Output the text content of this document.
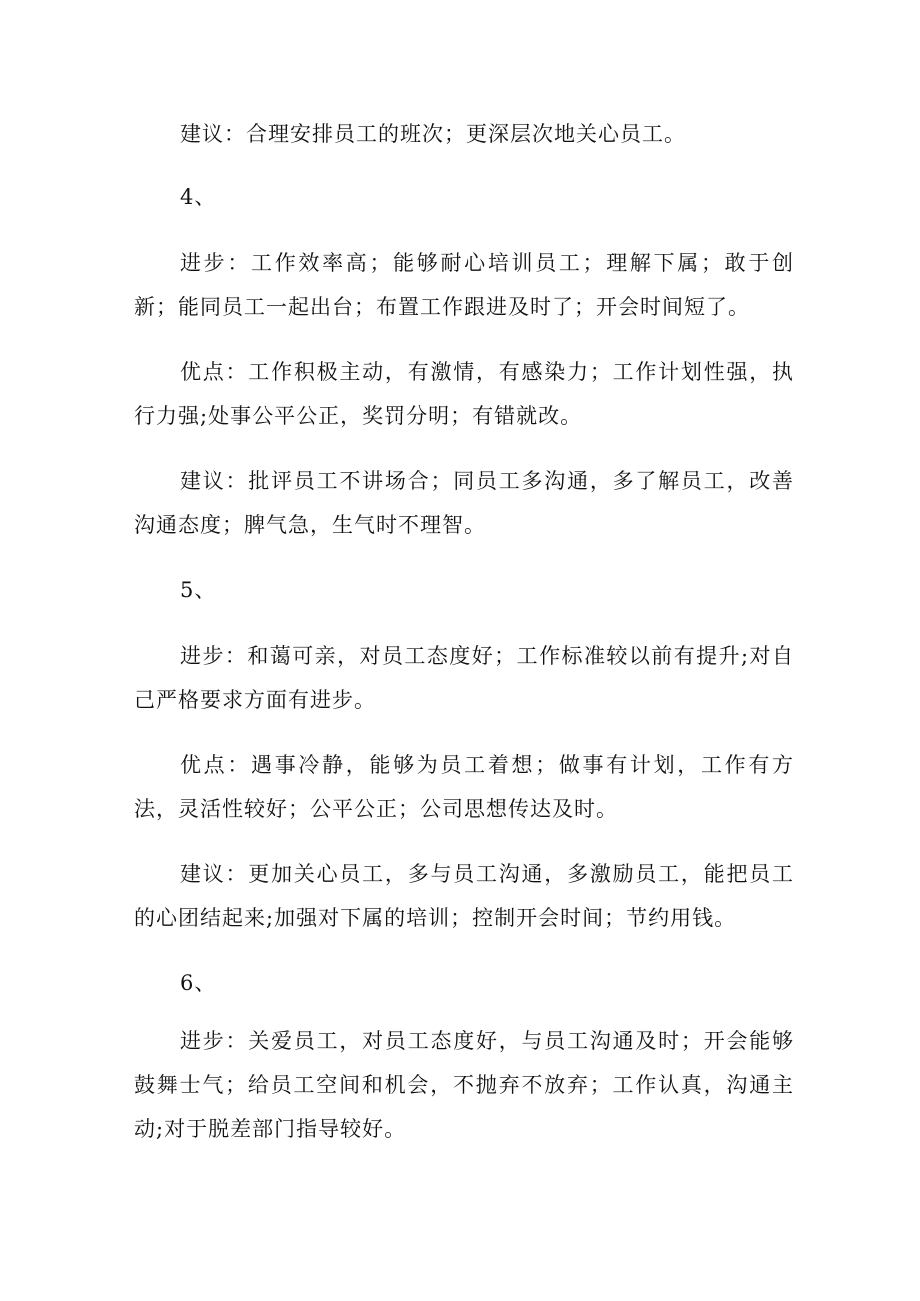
建议：合理安排员工的班次；更深层次地关心员工。

4、

进步：工作效率高；能够耐心培训员工；理解下属；敢于创新；能同员工一起出台；布置工作跟进及时了；开会时间短了。

优点：工作积极主动，有激情，有感染力；工作计划性强，执行力强;处事公平公正，奖罚分明；有错就改。

建议：批评员工不讲场合；同员工多沟通，多了解员工，改善沟通态度；脾气急，生气时不理智。

5、

进步：和蔼可亲，对员工态度好；工作标准较以前有提升;对自己严格要求方面有进步。

优点：遇事冷静，能够为员工着想；做事有计划，工作有方法，灵活性较好；公平公正；公司思想传达及时。

建议：更加关心员工，多与员工沟通，多激励员工，能把员工的心团结起来;加强对下属的培训；控制开会时间；节约用钱。

6、

进步：关爱员工，对员工态度好，与员工沟通及时；开会能够鼓舞士气；给员工空间和机会，不抛弃不放弃；工作认真，沟通主动;对于脱差部门指导较好。
